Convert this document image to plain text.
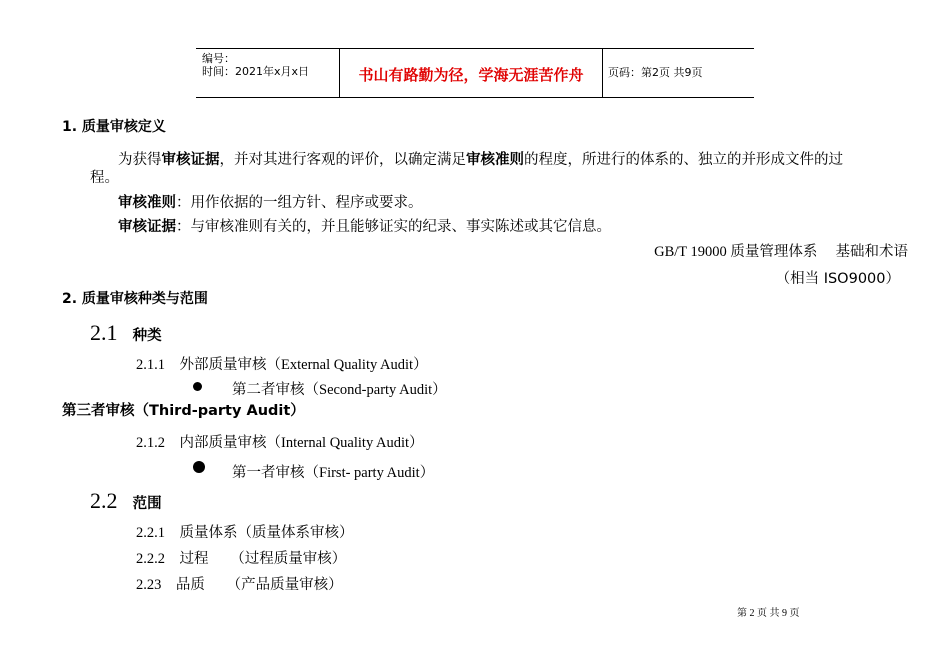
编号：
时间：2021年x月x日	书山有路勤为径，学海无涯苦作舟	页码：第2页 共9页
1. 质量审核定义
为获得审核证据，并对其进行客观的评价，以确定满足审核准则的程度，所进行的体系的、独立的并形成文件的过
程。
审核准则：用作依据的一组方针、程序或要求。
审核证据：与审核准则有关的，并且能够证实的纪录、事实陈述或其它信息。
GB/T 19000 质量管理体系　 基础和术语
（相当 ISO9000）
2. 质量审核种类与范围
2.1 种类
2.1.1　外部质量审核（External Quality Audit）
第二者审核（Second-party Audit）
第三者审核（Third-party Audit）
2.1.2　内部质量审核（Internal Quality Audit）
第一者审核（First- party Audit）
2.2 范围
2.2.1　质量体系（质量体系审核）
2.2.2　过程　　（过程质量审核）
2.23　品质　　（产品质量审核）
第 2 页 共 9 页
